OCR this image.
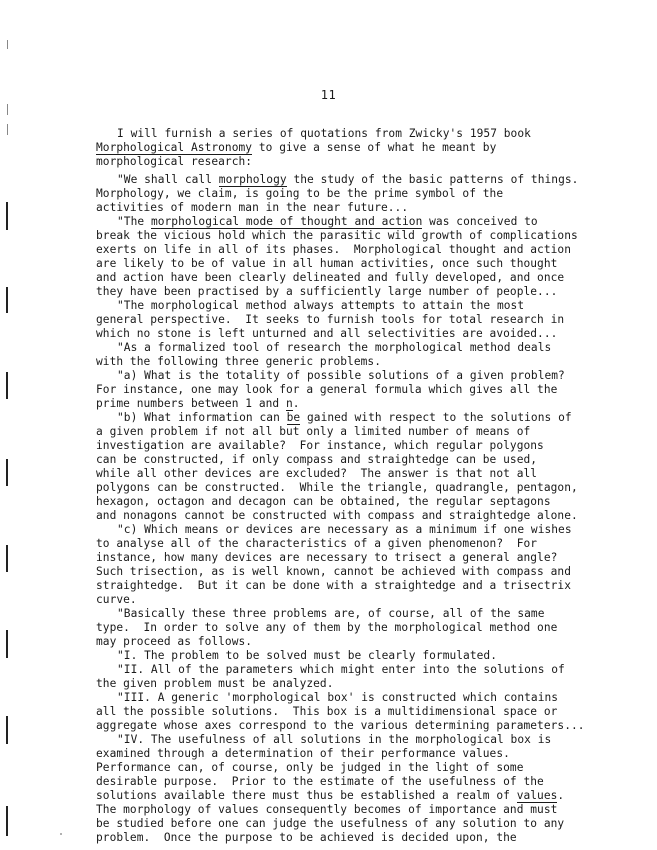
11
I will furnish a series of quotations from Zwicky's 1957 book
Morphological Astronomy to give a sense of what he meant by
morphological research:
"We shall call morphology the study of the basic patterns of things.
Morphology, we claim, is going to be the prime symbol of the
activities of modern man in the near future...
"The morphological mode of thought and action was conceived to
break the vicious hold which the parasitic wild growth of complications
exerts on life in all of its phases.  Morphological thought and action
are likely to be of value in all human activities, once such thought
and action have been clearly delineated and fully developed, and once
they have been practised by a sufficiently large number of people...
"The morphological method always attempts to attain the most
general perspective.  It seeks to furnish tools for total research in
which no stone is left unturned and all selectivities are avoided...
"As a formalized tool of research the morphological method deals
with the following three generic problems.
"a) What is the totality of possible solutions of a given problem?
For instance, one may look for a general formula which gives all the
prime numbers between 1 and n.
"b) What information can be gained with respect to the solutions of
a given problem if not all but only a limited number of means of
investigation are available?  For instance, which regular polygons
can be constructed, if only compass and straightedge can be used,
while all other devices are excluded?  The answer is that not all
polygons can be constructed.  While the triangle, quadrangle, pentagon,
hexagon, octagon and decagon can be obtained, the regular septagons
and nonagons cannot be constructed with compass and straightedge alone.
"c) Which means or devices are necessary as a minimum if one wishes
to analyse all of the characteristics of a given phenomenon?  For
instance, how many devices are necessary to trisect a general angle?
Such trisection, as is well known, cannot be achieved with compass and
straightedge.  But it can be done with a straightedge and a trisectrix
curve.
"Basically these three problems are, of course, all of the same
type.  In order to solve any of them by the morphological method one
may proceed as follows.
"I. The problem to be solved must be clearly formulated.
"II. All of the parameters which might enter into the solutions of
the given problem must be analyzed.
"III. A generic 'morphological box' is constructed which contains
all the possible solutions.  This box is a multidimensional space or
aggregate whose axes correspond to the various determining parameters...
"IV. The usefulness of all solutions in the morphological box is
examined through a determination of their performance values.
Performance can, of course, only be judged in the light of some
desirable purpose.  Prior to the estimate of the usefulness of the
solutions available there must thus be established a realm of values.
The morphology of values consequently becomes of importance and must
be studied before one can judge the usefulness of any solution to any
problem.  Once the purpose to be achieved is decided upon, the
